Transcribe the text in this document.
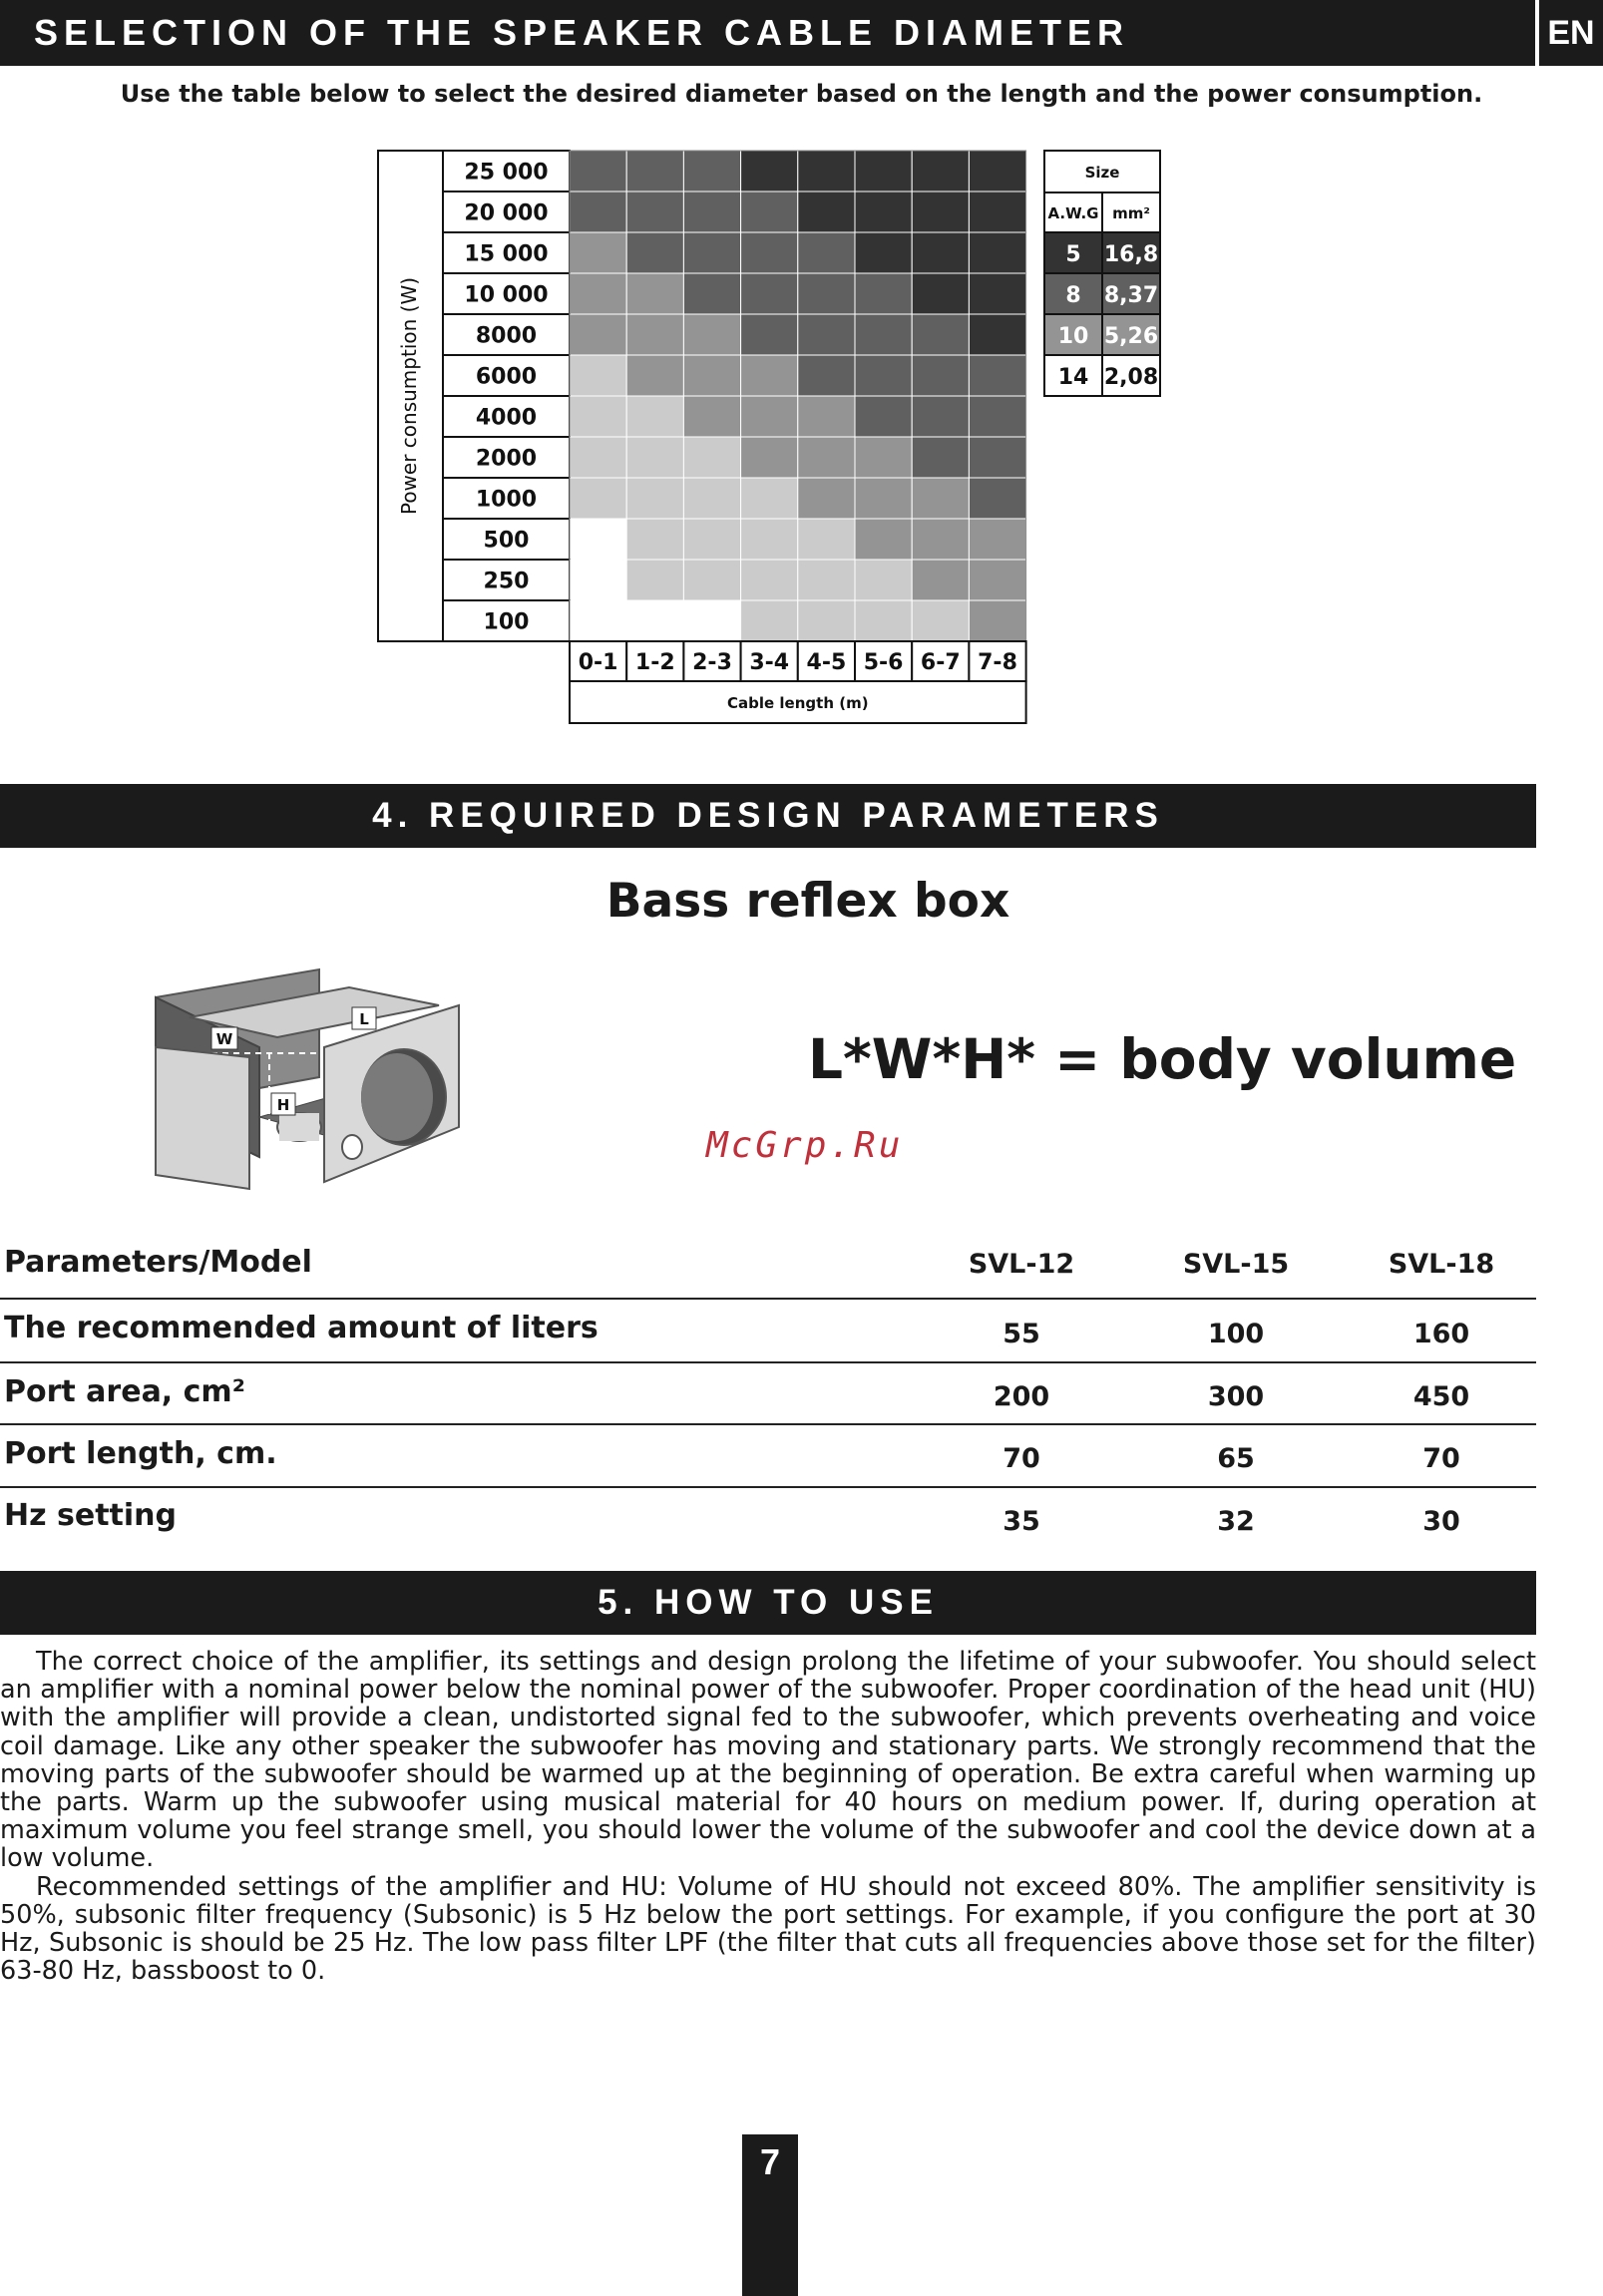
SELECTION OF THE SPEAKER CABLE DIAMETER	EN
Use the table below to select the desired diameter based on the length and the power consumption.
Power consumption (W)
25 000
20 000
15 000
10 000
8000
6000
4000
2000
1000
500
250
100
0-1 1-2 2-3 3-4 4-5 5-6 6-7 7-8
Cable length (m)
Size
A.W.G mm²
5 16,8
8 8,37
10 5,26
14 2,08
4. REQUIRED DESIGN PARAMETERS
Bass reflex box
W
L
H
L*W*H* = body volume
McGrp.Ru
Parameters/Model	SVL-12	SVL-15	SVL-18
The recommended amount of liters	55	100	160
Port area, cm²	200	300	450
Port length, cm.	70	65	70
Hz setting	35	32	30
5. HOW TO USE

The correct choice of the amplifier, its settings and design prolong the lifetime of your subwoofer. You should select an amplifier with a nominal power below the nominal power of the subwoofer. Proper coordination of the head unit (HU) with the amplifier will provide a clean, undistorted signal fed to the subwoofer, which prevents overheating and voice coil damage. Like any other speaker the subwoofer has moving and stationary parts. We strongly recommend that the moving parts of the subwoofer should be warmed up at the beginning of operation. Be extra careful when warming up the parts. Warm up the subwoofer using musical material for 40 hours on medium power. If, during operation at maximum volume you feel strange smell, you should lower the volume of the subwoofer and cool the device down at a low volume.

Recommended settings of the amplifier and HU: Volume of HU should not exceed 80%. The amplifier sensitivity is 50%, subsonic filter frequency (Subsonic) is 5 Hz below the port settings. For example, if you configure the port at 30 Hz, Subsonic is should be 25 Hz. The low pass filter LPF (the filter that cuts all frequencies above those set for the filter) 63-80 Hz, bassboost to 0.

7
